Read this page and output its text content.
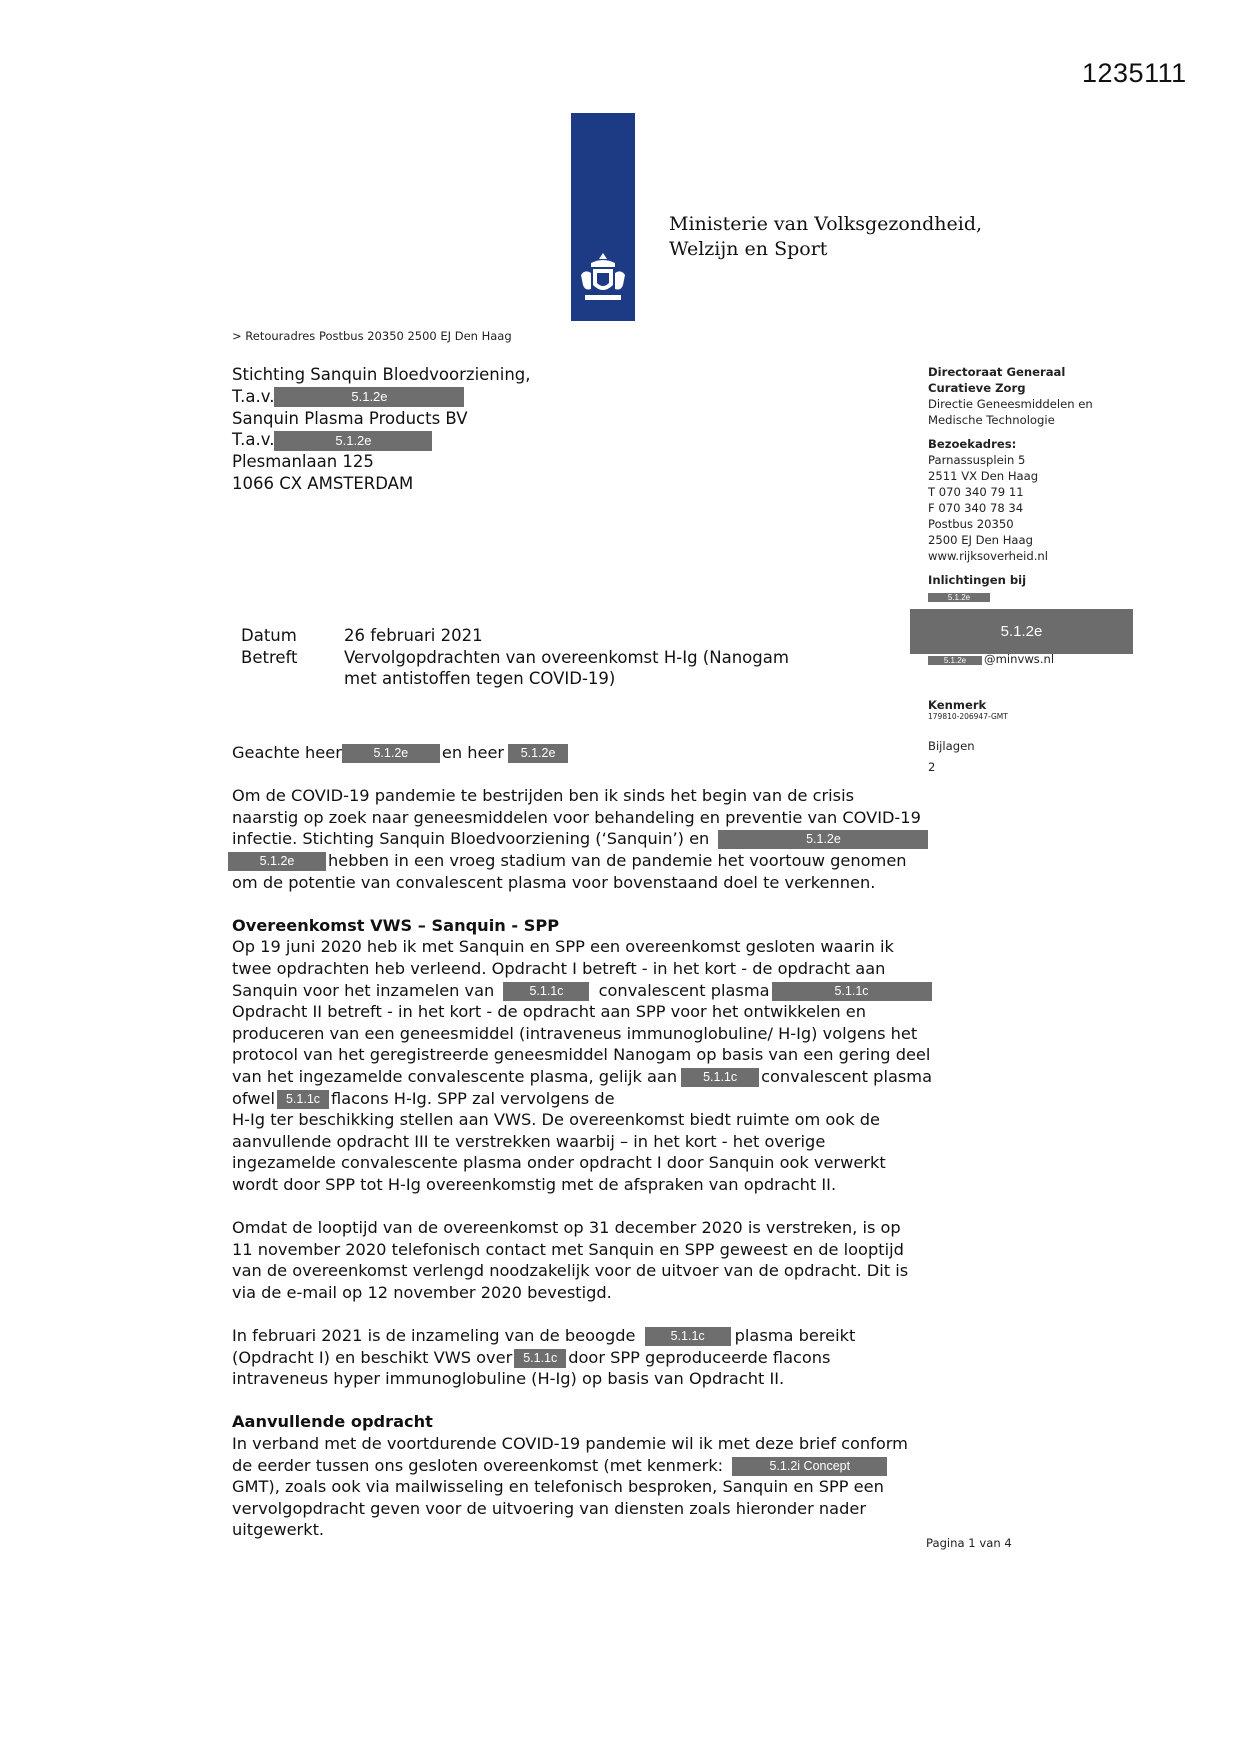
1235111
Ministerie van Volksgezondheid,
Welzijn en Sport
> Retouradres Postbus 20350 2500 EJ Den Haag
Stichting Sanquin Bloedvoorziening,
T.a.v.	5.1.2e
Sanquin Plasma Products BV
T.a.v.	5.1.2e
Plesmanlaan 125
1066 CX AMSTERDAM
Directoraat Generaal
Curatieve Zorg
Directie Geneesmiddelen en
Medische Technologie
Bezoekadres:
Parnassusplein 5
2511 VX Den Haag
T 070 340 79 11
F 070 340 78 34
Postbus 20350
2500 EJ Den Haag
www.rijksoverheid.nl
Inlichtingen bij
5.1.2e
5.1.2e
5.1.2e @minvws.nl
Kenmerk
179810-206947-GMT
Bijlagen
2
Datum	26 februari 2021
Betreft	Vervolgopdrachten van overeenkomst H-Ig (Nanogam
met antistoffen tegen COVID-19)

Geachte heer	5.1.2e en heer 5.1.2e

Om de COVID-19 pandemie te bestrijden ben ik sinds het begin van de crisis

naarstig op zoek naar geneesmiddelen voor behandeling en preventie van COVID-19

infectie. Stichting Sanquin Bloedvoorziening (‘Sanquin’) en	5.1.2e

5.1.2e hebben in een vroeg stadium van de pandemie het voortouw genomen

om de potentie van convalescent plasma voor bovenstaand doel te verkennen.

Overeenkomst VWS – Sanquin - SPP

Op 19 juni 2020 heb ik met Sanquin en SPP een overeenkomst gesloten waarin ik

twee opdrachten heb verleend. Opdracht I betreft - in het kort - de opdracht aan

Sanquin voor het inzamelen van	5.1.1c convalescent plasma	5.1.1c

Opdracht II betreft - in het kort - de opdracht aan SPP voor het ontwikkelen en

produceren van een geneesmiddel (intraveneus immunoglobuline/ H-Ig) volgens het

protocol van het geregistreerde geneesmiddel Nanogam op basis van een gering deel

van het ingezamelde convalescente plasma, gelijk aan 5.1.1c convalescent plasma

ofwel 5.1.1c flacons H-Ig. SPP zal vervolgens de

H-Ig ter beschikking stellen aan VWS. De overeenkomst biedt ruimte om ook de

aanvullende opdracht III te verstrekken waarbij – in het kort - het overige

ingezamelde convalescente plasma onder opdracht I door Sanquin ook verwerkt

wordt door SPP tot H-Ig overeenkomstig met de afspraken van opdracht II.

Omdat de looptijd van de overeenkomst op 31 december 2020 is verstreken, is op

11 november 2020 telefonisch contact met Sanquin en SPP geweest en de looptijd

van de overeenkomst verlengd noodzakelijk voor de uitvoer van de opdracht. Dit is

via de e-mail op 12 november 2020 bevestigd.

In februari 2021 is de inzameling van de beoogde	5.1.1c plasma bereikt

(Opdracht I) en beschikt VWS over 5.1.1c door SPP geproduceerde flacons

intraveneus hyper immunoglobuline (H-Ig) op basis van Opdracht II.

Aanvullende opdracht

In verband met de voortdurende COVID-19 pandemie wil ik met deze brief conform

de eerder tussen ons gesloten overeenkomst (met kenmerk:	5.1.2i Concept

GMT), zoals ook via mailwisseling en telefonisch besproken, Sanquin en SPP een

vervolgopdracht geven voor de uitvoering van diensten zoals hieronder nader

uitgewerkt.

Pagina 1 van 4
